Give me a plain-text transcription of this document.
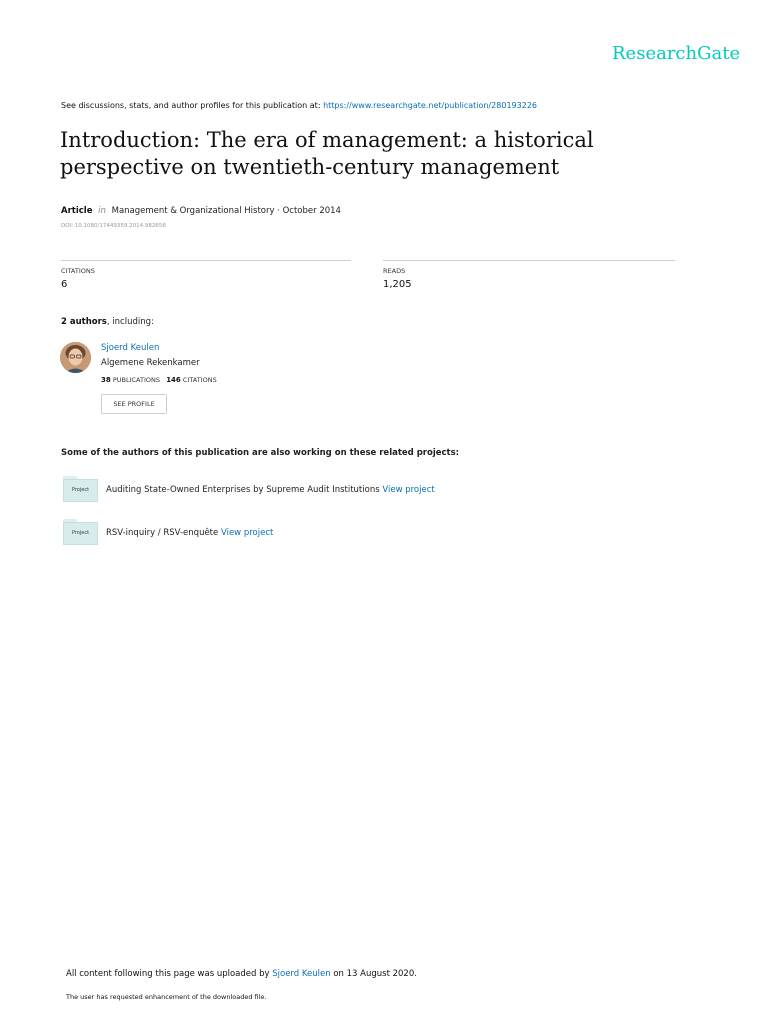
ResearchGate
See discussions, stats, and author profiles for this publication at: https://www.researchgate.net/publication/280193226
Introduction: The era of management: a historical perspective on twentieth-century management
Article in Management & Organizational History · October 2014
DOI: 10.1080/17449359.2014.982658
CITATIONS
6
READS
1,205
2 authors, including:
Sjoerd Keulen
Algemene Rekenkamer
38 PUBLICATIONS 146 CITATIONS
SEE PROFILE
Some of the authors of this publication are also working on these related projects:
Project	Auditing State-Owned Enterprises by Supreme Audit Institutions View project
Project	RSV-inquiry / RSV-enquête View project
All content following this page was uploaded by Sjoerd Keulen on 13 August 2020.
The user has requested enhancement of the downloaded file.
